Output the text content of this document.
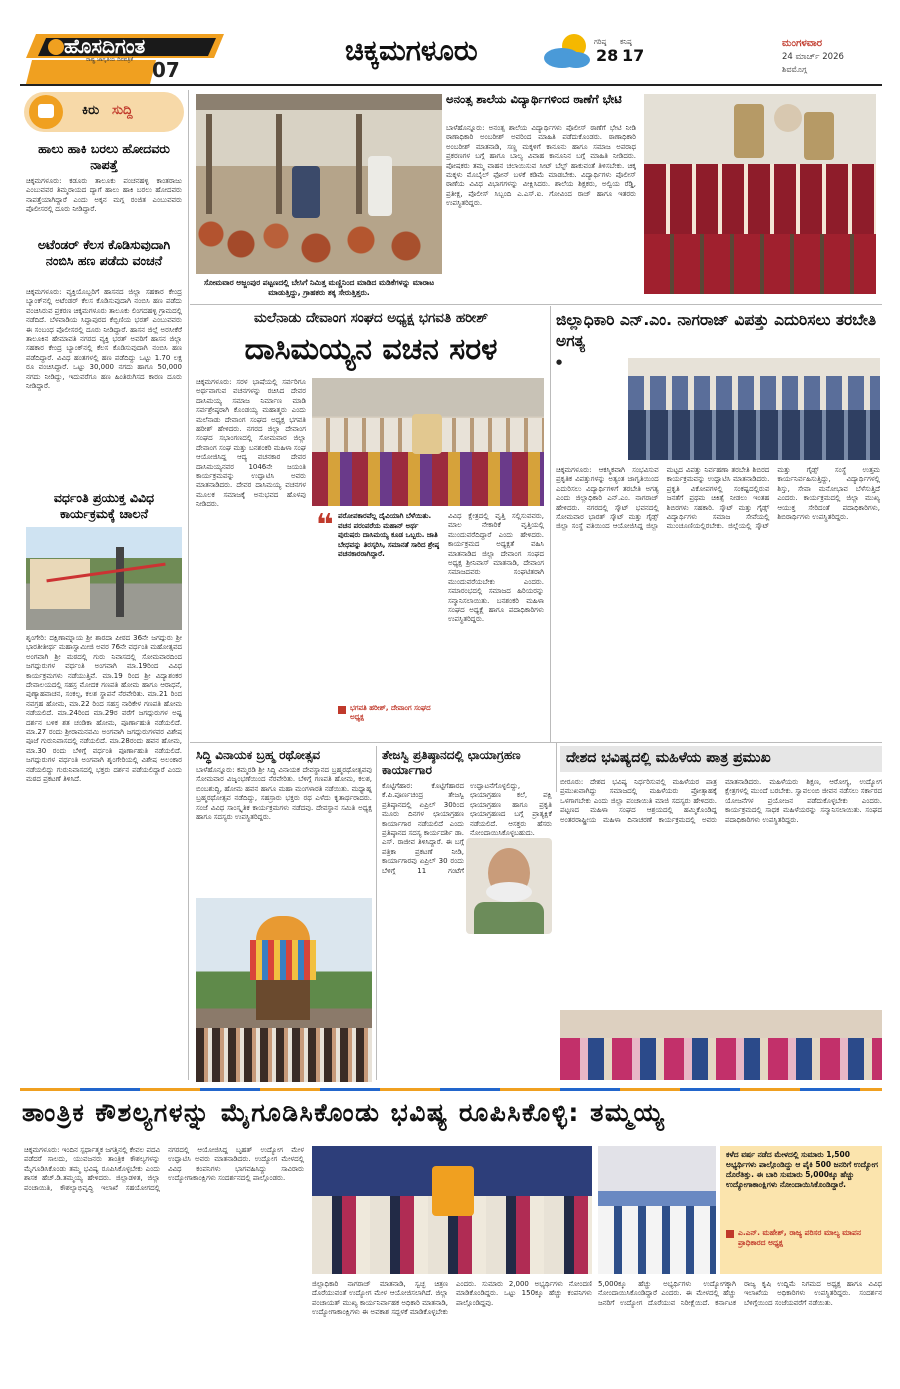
ಹೊಸದಿಗಂತ
ರಾಷ್ಟ್ರ ಜಾಗೃತಿಯ ದಿನಪತ್ರಿಕೆ 07
ಚಿಕ್ಕಮಗಳೂರು	ಗರಿಷ್ಠ
28
ಕನಿಷ್ಠ
17
ಮಂಗಳವಾರ
24 ಮಾರ್ಚ್ 2026
ಶಿವಮೊಗ್ಗ
ಕಿರು ಸುದ್ದಿ
ಹಾಲು ಹಾಕಿ ಬರಲು ಹೋದವರು ನಾಪತ್ತೆ
ಚಿಕ್ಕಮಗಳೂರು: ಕಡೂರು ತಾಲೂಕು ಪಂಚನಹಳ್ಳಿ ಕಾಂತರಾಜು ಎಂಬುವವರ ತಿಮ್ಮರಾಯದ ದ್ಯಾಗೆ ಹಾಲು ಹಾಕಿ ಬರಲು ಹೋದವರು ನಾಪತ್ತೆಯಾಗಿದ್ದಾರೆ ಎಂದು ಅಕ್ಕನ ಮಗ್ಗ ರಂಜಿತ ಎಂಬುವವರು ಪೊಲೀಸರಲ್ಲಿ ದೂರು ನೀಡಿದ್ದಾರೆ.
ಅಟೆಂಡರ್ ಕೆಲಸ ಕೊಡಿಸುವುದಾಗಿ ನಂಬಿಸಿ ಹಣ ಪಡೆದು ವಂಚನೆ
ಚಿಕ್ಕಮಗಳೂರು: ವ್ಯಕ್ತಿಯೊಬ್ಬರಿಗೆ ಹಾಸನದ ಜಿಲ್ಲಾ ಸಹಕಾರ ಕೇಂದ್ರ ಬ್ಯಾಂಕ್‌ನಲ್ಲಿ ಅಟೆಂಡರ್ ಕೆಲಸ ಕೊಡಿಸುವುದಾಗಿ ನಂಬಿಸಿ ಹಣ ಪಡೆದು ವಂಚಿಸಿರುವ ಪ್ರಕರಣ ಚಿಕ್ಕಮಗಳೂರು ತಾಲೂಕು ಲಿಂಗದಹಳ್ಳಿ ಗ್ರಾಮದಲ್ಲಿ ನಡೆದಿದೆ. ಬೆಳವಾಡಿಯ ಸಿದ್ಧಾಪುರದ ಕೆಬ್ಬಿಣಿಯ ಭರತ್ ಎಂಬುವವರು ಈ ಸಂಬಂಧ ಪೊಲೀಸರಲ್ಲಿ ದೂರು ನೀಡಿದ್ದಾರೆ. ಹಾಸನ ಜಿಲ್ಲೆ ಅರಸೀಕೆರೆ ತಾಲೂಕಿನ ಹೇಮಾವತಿ ನಗರದ ವ್ಯಕ್ತಿ ಭರತ್ ಅವರಿಗೆ ಹಾಸನ ಜಿಲ್ಲಾ ಸಹಕಾರ ಕೇಂದ್ರ ಬ್ಯಾಂಕ್‌ನಲ್ಲಿ ಕೆಲಸ ಕೊಡಿಸುವುದಾಗಿ ನಂಬಿಸಿ ಹಣ ಪಡೆದಿದ್ದಾರೆ. ವಿವಿಧ ಹಂತಗಳಲ್ಲಿ ಹಣ ಪಡೆದಿದ್ದು ಒಟ್ಟು 1.70 ಲಕ್ಷ ರೂ ವಂಚಿಸಿದ್ದಾರೆ. ಒಟ್ಟು 30,000 ನಗದು ಹಾಗೂ 50,000 ನಗದು ನೀಡಿದ್ದು, ಇದುವರೆಗೂ ಹಣ ಹಿಂತಿರುಗಿಸದ ಕಾರಣ ದೂರು ನೀಡಿದ್ದಾರೆ.
ವರ್ಧಂತಿ ಪ್ರಯುಕ್ತ ವಿವಿಧ ಕಾರ್ಯಕ್ರಮಕ್ಕೆ ಚಾಲನೆ
ಶೃಂಗೇರಿ: ದಕ್ಷಿಣಾಮ್ನಾಯ ಶ್ರೀ ಶಾರದಾ ಪೀಠದ 36ನೇ ಜಗದ್ಗುರು ಶ್ರೀ ಭಾರತೀತೀರ್ಥ ಮಹಾಸ್ವಾಮೀಜಿ ಅವರ 76ನೇ ವರ್ಧಂತಿ ಮಹೋತ್ಸವದ ಅಂಗವಾಗಿ ಶ್ರೀ ಮಠದಲ್ಲಿ ಗುರು ನಿವಾಸದಲ್ಲಿ ಸೋಮವಾರದಿಂದ ಜಗದ್ಗುರುಗಳ ವರ್ಧಂತಿ ಅಂಗವಾಗಿ ಮಾ.19ರಿಂದ ವಿವಿಧ ಕಾರ್ಯಕ್ರಮಗಳು ನಡೆಯುತ್ತಿವೆ. ಮಾ.19 ರಿಂದ ಶ್ರೀ ವಿದ್ಯಾಶಂಕರ ದೇವಾಲಯದಲ್ಲಿ ಸಹಸ್ರ ಮೋದಕ ಗಣಪತಿ ಹೋಮ ಹಾಗೂ ಆರಾಧನೆ, ಪುಣ್ಯಾಹವಾಚನ, ಸಂಕಲ್ಪ, ಕಲಶ ಸ್ಥಾಪನೆ ನೆರವೇರಿತು. ಮಾ.21 ರಿಂದ ನವಗ್ರಹ ಹೋಮ, ಮಾ.22 ರಿಂದ ಸಹಸ್ರ ನಾರಿಕೇಳ ಗಣಪತಿ ಹೋಮ ನಡೆಯಲಿದೆ. ಮಾ.24ರಿಂದ ಮಾ.29ರ ವರೆಗೆ ಜಗದ್ಗುರುಗಳ ಅಷ್ಟ ದರ್ಶನ ಬಳಿಕ ಶತ ಚಂಡಿಕಾ ಹೋಮ, ಪೂರ್ಣಾಹುತಿ ನಡೆಯಲಿದೆ. ಮಾ.27 ರಂದು ಶ್ರೀರಾಮನವಮಿ ಅಂಗವಾಗಿ ಜಗದ್ಗುರುಗಳವರ ವಿಶೇಷ ಪೂಜೆ ಗುರುನಿವಾಸದಲ್ಲಿ ನಡೆಯಲಿದೆ. ಮಾ.28ರಂದು ಹವನ ಹೋಮ, ಮಾ.30 ರಂದು ಬೆಳಿಗ್ಗೆ ವರ್ಧಂತಿ ಪೂರ್ಣಾಹುತಿ ನಡೆಯಲಿದೆ. ಜಗದ್ಗುರುಗಳ ವರ್ಧಂತಿ ಅಂಗವಾಗಿ ಶೃಂಗೇರಿಯಲ್ಲಿ ವಿಶೇಷ ಅಲಂಕಾರ ನಡೆಯಲಿದ್ದು ಗುರುನಿವಾಸದಲ್ಲಿ ಭಕ್ತರು ದರ್ಶನ ಪಡೆಯಲಿದ್ದಾರೆ ಎಂದು ಮಠದ ಪ್ರಕಟಣೆ ತಿಳಿಸಿದೆ.
ಸೋಮವಾರ ಅಜ್ಜಂಪುರ ಪಟ್ಟಣದಲ್ಲಿ ಬೇಸಿಗೆ ನಿಮಿತ್ತ ಮಣ್ಣಿನಿಂದ ಮಾಡಿದ ಮಡಿಕೆಗಳನ್ನು ಮಾರಾಟ ಮಾಡುತ್ತಿದ್ದು, ಗ್ರಾಹಕರು ತಕ್ಕ ಸೇರುತ್ತಿತ್ತರು.
ಅನಂತ್ಸ ಶಾಲೆಯ ವಿದ್ಯಾರ್ಥಿಗಳಿಂದ ಠಾಣೆಗೆ ಭೇಟಿ
ಬಾಳೆಹೊನ್ನೂರು: ಅನಂತ್ಸ ಶಾಲೆಯ ವಿದ್ಯಾರ್ಥಿಗಳು ಪೊಲೀಸ್ ಠಾಣೆಗೆ ಭೇಟಿ ನೀಡಿ ಠಾಣಾಧಿಕಾರಿ ಅಂಬರೀಶ್ ಅವರಿಂದ ಮಾಹಿತಿ ಪಡೆದುಕೊಂಡರು. ಠಾಣಾಧಿಕಾರಿ ಅಂಬರೀಶ್ ಮಾತನಾಡಿ, ಸಣ್ಣ ಮಕ್ಕಳಿಗೆ ಕಾನೂನು ಹಾಗೂ ಸಮಾಜ ಅಪರಾಧ ಪ್ರಕರಣಗಳ ಬಗ್ಗೆ ಹಾಗೂ ಬಾಲ್ಯ ವಿವಾಹ ಕಾನೂನಿನ ಬಗ್ಗೆ ಮಾಹಿತಿ ನೀಡಿದರು. ಪೋಷಕರು ತಮ್ಮ ವಾಹನ ಚಲಾಯಿಸುವ ಸೀಟ್ ಬೆಲ್ಟ್ ಹಾಕುವಂತೆ ತಿಳಿಸಬೇಕು. ಚಿಕ್ಕ ಮಕ್ಕಳು ಮೊಬೈಲ್ ಫೋನ್ ಬಳಕೆ ಕಡಿಮೆ ಮಾಡಬೇಕು. ವಿದ್ಯಾರ್ಥಿಗಳು ಪೊಲೀಸ್ ಠಾಣೆಯ ವಿವಿಧ ವಿಭಾಗಗಳನ್ನು ವೀಕ್ಷಿಸಿದರು. ಶಾಲೆಯ ಶಿಕ್ಷಕರು, ಅಲ್ವಿಯ ರೆಡ್ಡಿ, ಪ್ರತೀಕ್ಷ, ಪೊಲೀಸ್ ಸಿಬ್ಬಂದಿ ಎ.ಎಸ್.ಐ. ಗೋವಿಂದ ರಾಜ್ ಹಾಗೂ ಇತರರು ಉಪಸ್ಥಿತರಿದ್ದರು.
ಮಲೆನಾಡು ದೇವಾಂಗ ಸಂಘದ ಅಧ್ಯಕ್ಷ ಭಗವತಿ ಹರೀಶ್
ದಾಸಿಮಯ್ಯನ ವಚನ ಸರಳ
ಚಿಕ್ಕಮಗಳೂರು: ಸರಳ ಭಾಷೆಯಲ್ಲಿ ಸರ್ವರಿಗೂ ಅರ್ಥವಾಗುವ ವಚನಗಳನ್ನು ರಚಿಸಿದ ದೇವರ ದಾಸಿಮಯ್ಯ ಸಮಾಜ ನಿರ್ಮಾಣ ಮಾಡಿ ಸರ್ವಶ್ರೇಷ್ಠರಾಗಿ ಕೊಂಡಯ್ಯ ಮಹಾತ್ಮರು ಎಂದು ಮಲೆನಾಡು ದೇವಾಂಗ ಸಂಘದ ಅಧ್ಯಕ್ಷ ಭಗವತಿ ಹರೀಶ್ ಹೇಳಿದರು. ನಗರದ ಜಿಲ್ಲಾ ದೇವಾಂಗ ಸಂಘದ ಸಭಾಂಗಣದಲ್ಲಿ ಸೋಮವಾರ ಜಿಲ್ಲಾ ದೇವಾಂಗ ಸಂಘ ಮತ್ತು ಬನಶಂಕರಿ ಮಹಿಳಾ ಸಂಘ ಆಯೋಜಿಸಿದ್ದ ಆದ್ಯ ವಚನಕಾರ ದೇವರ ದಾಸಿಮಯ್ಯನವರ 1046ನೇ ಜಯಂತಿ ಕಾರ್ಯಕ್ರಮವನ್ನು ಉದ್ಘಾಟಿಸಿ ಅವರು ಮಾತನಾಡಿದರು. ದೇವರ ದಾಸಿಮಯ್ಯ ವಚನಗಳ ಮೂಲಕ ಸಮಾಜಕ್ಕೆ ಅನುಭವದ ಹೊಳಪು ನೀಡಿದರು.
❝ ಪರೋಪಕಾರವೆಲ್ಲ ದೈವಿಯಾಗಿ ಬೆಳೆಯಿತು. ವಚನ ಪರಂಪರೆಯ ಮಹಾನ್ ಅರ್ಥ ಪುರುಷರು ದಾಸಿಮಯ್ಯ ಕೂಡ ಒಬ್ಬರು. ಜಾತಿ ಬೇಧವನ್ನು ತಿರಸ್ಕರಿಸಿ, ಸಮಾನತೆ ಸಾರಿದ ಶ್ರೇಷ್ಠ ವಚನಕಾರರಾಗಿದ್ದಾರೆ.
ಭಗವತಿ ಹರೀಶ್, ದೇವಾಂಗ ಸಂಘದ ಅಧ್ಯಕ್ಷ
ವಿವಿಧ ಕ್ಷೇತ್ರದಲ್ಲಿ ವೃತ್ತಿ ಸಲ್ಲಿಸುವವರು, ಮಾಲ ನೇಕಾರಿಕೆ ವೃತ್ತಿಯಲ್ಲಿ ಮುಂದುವರೆದಿದ್ದಾರೆ ಎಂದು ಹೇಳಿದರು. ಕಾರ್ಯಕ್ರಮದ ಅಧ್ಯಕ್ಷತೆ ವಹಿಸಿ ಮಾತನಾಡಿದ ಜಿಲ್ಲಾ ದೇವಾಂಗ ಸಂಘದ ಅಧ್ಯಕ್ಷ ಶ್ರೀನಿವಾಸ್ ಮಾತನಾಡಿ, ದೇವಾಂಗ ಸಮಾಜದವರು ಸಂಘಟಿತರಾಗಿ ಮುಂದುವರೆಯಬೇಕು ಎಂದರು. ಸಮಾರಂಭದಲ್ಲಿ ಸಮಾಜದ ಹಿರಿಯರನ್ನು ಸನ್ಮಾನಿಸಲಾಯಿತು. ಬನಶಂಕರಿ ಮಹಿಳಾ ಸಂಘದ ಅಧ್ಯಕ್ಷೆ ಹಾಗೂ ಪದಾಧಿಕಾರಿಗಳು ಉಪಸ್ಥಿತರಿದ್ದರು.
ಜಿಲ್ಲಾಧಿಕಾರಿ ಎನ್.ಎಂ. ನಾಗರಾಜ್ ವಿಪತ್ತು ಎದುರಿಸಲು ತರಬೇತಿ ಅಗತ್ಯ
●
ಚಿಕ್ಕಮಗಳೂರು: ಆಕಸ್ಮಿಕವಾಗಿ ಸಂಭವಿಸುವ ಪ್ರಕೃತಿಕ ವಿಪತ್ತುಗಳನ್ನು ಅತ್ಯಂತ ಜಾಗೃತಿಯಿಂದ ಎದುರಿಸಲು ವಿದ್ಯಾರ್ಥಿಗಳಿಗೆ ತರಬೇತಿ ಅಗತ್ಯ ಎಂದು ಜಿಲ್ಲಾಧಿಕಾರಿ ಎನ್.ಎಂ. ನಾಗರಾಜ್ ಹೇಳಿದರು. ನಗರದಲ್ಲಿ ಸ್ಕೌಟ್ ಭವನದಲ್ಲಿ ಸೋಮವಾರ ಭಾರತ್ ಸ್ಕೌಟ್ ಮತ್ತು ಗೈಡ್ಸ್ ಜಿಲ್ಲಾ ಸಂಸ್ಥೆ ವತಿಯಿಂದ ಆಯೋಜಿಸಿದ್ದ ಜಿಲ್ಲಾ ಮಟ್ಟದ ವಿಪತ್ತು ನಿರ್ವಹಣಾ ತರಬೇತಿ ಶಿಬಿರದ ಕಾರ್ಯಕ್ರಮವನ್ನು ಉದ್ಘಾಟಿಸಿ ಮಾತನಾಡಿದರು. ಪ್ರಕೃತಿ ವಿಕೋಪಗಳಲ್ಲಿ ಸಂಕಷ್ಟದಲ್ಲಿರುವ ಜನತೆಗೆ ಪ್ರಥಮ ಚಿಕಿತ್ಸೆ ನೀಡಲು ಇಂತಹ ಶಿಬಿರಗಳು ಸಹಕಾರಿ. ಸ್ಕೌಟ್ ಮತ್ತು ಗೈಡ್ಸ್ ವಿದ್ಯಾರ್ಥಿಗಳು ಸಮಾಜ ಸೇವೆಯಲ್ಲಿ ಮುಂಚೂಣಿಯಲ್ಲಿರಬೇಕು. ಜಿಲ್ಲೆಯಲ್ಲಿ ಸ್ಕೌಟ್ ಮತ್ತು ಗೈಡ್ಸ್ ಸಂಸ್ಥೆ ಉತ್ತಮ ಕಾರ್ಯನಿರ್ವಹಿಸುತ್ತಿದ್ದು, ವಿದ್ಯಾರ್ಥಿಗಳಲ್ಲಿ ಶಿಸ್ತು, ಸೇವಾ ಮನೋಭಾವ ಬೆಳೆಸುತ್ತಿದೆ ಎಂದರು. ಕಾರ್ಯಕ್ರಮದಲ್ಲಿ ಜಿಲ್ಲಾ ಮುಖ್ಯ ಆಯುಕ್ತ ಸೇರಿದಂತೆ ಪದಾಧಿಕಾರಿಗಳು, ಶಿಬಿರಾರ್ಥಿಗಳು ಉಪಸ್ಥಿತರಿದ್ದರು.
ಸಿದ್ಧಿ ವಿನಾಯಕ ಬ್ರಹ್ಮ ರಥೋತ್ಸವ
ಬಾಳೆಹೊನ್ನೂರು: ಕಮ್ಮರಡಿ ಶ್ರೀ ಸಿದ್ಧಿ ವಿನಾಯಕ ದೇವಸ್ಥಾನದ ಬ್ರಹ್ಮರಥೋತ್ಸವವು ಸೋಮವಾರ ವಿಜೃಂಭಣೆಯಿಂದ ನೆರವೇರಿತು. ಬೆಳಿಗ್ಗೆ ಗಣಪತಿ ಹೋಮ, ಕಲಶ, ಬಿಂಬಶುದ್ಧಿ, ಹೋಮ ಹವನ ಹಾಗೂ ಮಹಾ ಮಂಗಳಾರತಿ ನಡೆಯಿತು. ಮಧ್ಯಾಹ್ನ ಬ್ರಹ್ಮರಥೋತ್ಸವ ನಡೆದಿದ್ದು, ಸಹಸ್ರಾರು ಭಕ್ತರು ರಥ ಎಳೆದು ಕೃತಾರ್ಥರಾದರು. ಸಂಜೆ ವಿವಿಧ ಸಾಂಸ್ಕೃತಿಕ ಕಾರ್ಯಕ್ರಮಗಳು ನಡೆದವು. ದೇವಸ್ಥಾನ ಸಮಿತಿ ಅಧ್ಯಕ್ಷ ಹಾಗೂ ಸದಸ್ಯರು ಉಪಸ್ಥಿತರಿದ್ದರು.
ತೇಜಸ್ವಿ ಪ್ರತಿಷ್ಠಾನದಲ್ಲಿ ಛಾಯಾಗ್ರಹಣ ಕಾರ್ಯಾಗಾರ
ಕೊಟ್ಟಿಗೆಹಾರ: ಕೊಟ್ಟಿಗೆಹಾರದ ಕೆ.ಪಿ.ಪೂರ್ಣಚಂದ್ರ ತೇಜಸ್ವಿ ಪ್ರತಿಷ್ಠಾನದಲ್ಲಿ ಏಪ್ರಿಲ್ 30ರಿಂದ ಮೂರು ದಿನಗಳ ಛಾಯಾಗ್ರಹಣ ಕಾರ್ಯಾಗಾರ ನಡೆಯಲಿದೆ ಎಂದು ಪ್ರತಿಷ್ಠಾನದ ಸದಸ್ಯ ಕಾರ್ಯದರ್ಶಿ ಡಾ. ಎಸ್. ರಾಜೀವ ತಿಳಿಸಿದ್ದಾರೆ. ಈ ಬಗ್ಗೆ ಪತ್ರಿಕಾ ಪ್ರಕಟಣೆ ನೀಡಿ, ಕಾರ್ಯಾಗಾರವು ಏಪ್ರಿಲ್ 30 ರಂದು ಬೆಳಿಗ್ಗೆ 11 ಗಂಟೆಗೆ ಉದ್ಘಾಟನೆಗೊಳ್ಳಲಿದ್ದು, ಛಾಯಾಗ್ರಹಣ ಕಲೆ, ಪಕ್ಷಿ ಛಾಯಾಗ್ರಹಣ ಹಾಗೂ ಪ್ರಕೃತಿ ಛಾಯಾಗ್ರಹಣದ ಬಗ್ಗೆ ಪ್ರಾತ್ಯಕ್ಷಿಕೆ ನಡೆಯಲಿದೆ. ಆಸಕ್ತರು ಹೆಸರು ನೋಂದಾಯಿಸಿಕೊಳ್ಳಬಹುದು.
ದೇಶದ ಭವಿಷ್ಯದಲ್ಲಿ ಮಹಿಳೆಯ ಪಾತ್ರ ಪ್ರಮುಖ
ಬೀರೂರು: ದೇಶದ ಭವಿಷ್ಯ ನಿರ್ಧರಿಸುವಲ್ಲಿ ಮಹಿಳೆಯರ ಪಾತ್ರ ಪ್ರಮುಖವಾಗಿದ್ದು ಸಮಾಜದಲ್ಲಿ ಮಹಿಳೆಯರು ಪ್ರೋತ್ಸಾಹಕ್ಕೆ ಒಳಗಾಗಬೇಕು ಎಂದು ಜಿಲ್ಲಾ ಪಂಚಾಯಿತಿ ಮಾಜಿ ಸದಸ್ಯರು ಹೇಳಿದರು. ಪಟ್ಟಣದ ಮಹಿಳಾ ಸಂಘದ ಆಶ್ರಯದಲ್ಲಿ ಹಮ್ಮಿಕೊಂಡಿದ್ದ ಅಂತರರಾಷ್ಟ್ರೀಯ ಮಹಿಳಾ ದಿನಾಚರಣೆ ಕಾರ್ಯಕ್ರಮದಲ್ಲಿ ಅವರು ಮಾತನಾಡಿದರು. ಮಹಿಳೆಯರು ಶಿಕ್ಷಣ, ಆರೋಗ್ಯ, ಉದ್ಯೋಗ ಕ್ಷೇತ್ರಗಳಲ್ಲಿ ಮುಂದೆ ಬರಬೇಕು. ಸ್ವಾವಲಂಬಿ ಜೀವನ ನಡೆಸಲು ಸರ್ಕಾರದ ಯೋಜನೆಗಳ ಪ್ರಯೋಜನ ಪಡೆದುಕೊಳ್ಳಬೇಕು ಎಂದರು. ಕಾರ್ಯಕ್ರಮದಲ್ಲಿ ಸಾಧಕ ಮಹಿಳೆಯರನ್ನು ಸನ್ಮಾನಿಸಲಾಯಿತು. ಸಂಘದ ಪದಾಧಿಕಾರಿಗಳು ಉಪಸ್ಥಿತರಿದ್ದರು.
ತಾಂತ್ರಿಕ ಕೌಶಲ್ಯಗಳನ್ನು ಮೈಗೂಡಿಸಿಕೊಂಡು ಭವಿಷ್ಯ ರೂಪಿಸಿಕೊಳ್ಳಿ: ತಮ್ಮಯ್ಯ
ಚಿಕ್ಕಮಗಳೂರು: ಇಂದಿನ ಸ್ಪರ್ಧಾತ್ಮಕ ಜಗತ್ತಿನಲ್ಲಿ ಕೇವಲ ಪದವಿ ಪಡೆದರೆ ಸಾಲದು, ಯುವಜನರು ತಾಂತ್ರಿಕ ಕೌಶಲ್ಯಗಳನ್ನು ಮೈಗೂಡಿಸಿಕೊಂಡು ತಮ್ಮ ಭವಿಷ್ಯ ರೂಪಿಸಿಕೊಳ್ಳಬೇಕು ಎಂದು ಶಾಸಕ ಹೆಚ್.ಡಿ.ತಮ್ಮಯ್ಯ ಹೇಳಿದರು. ಜಿಲ್ಲಾಡಳಿತ, ಜಿಲ್ಲಾ ಪಂಚಾಯಿತಿ, ಕೌಶಲ್ಯಾಭಿವೃದ್ಧಿ ಇಲಾಖೆ ಸಹಯೋಗದಲ್ಲಿ ನಗರದಲ್ಲಿ ಆಯೋಜಿಸಿದ್ದ ಬೃಹತ್ ಉದ್ಯೋಗ ಮೇಳ ಉದ್ಘಾಟಿಸಿ ಅವರು ಮಾತನಾಡಿದರು. ಉದ್ಯೋಗ ಮೇಳದಲ್ಲಿ ವಿವಿಧ ಕಂಪನಿಗಳು ಭಾಗವಹಿಸಿದ್ದು ಸಾವಿರಾರು ಉದ್ಯೋಗಾಕಾಂಕ್ಷಿಗಳು ಸಂದರ್ಶನದಲ್ಲಿ ಪಾಲ್ಗೊಂಡರು.
ಜಿಲ್ಲಾಧಿಕಾರಿ ನಾಗರಾಜ್ ಮಾತನಾಡಿ, ಸ್ವಚ್ಛ ಚಿತ್ರಣ ದೊರೆಯುವಂತೆ ಉದ್ಯೋಗ ಮೇಳ ಆಯೋಜಿಸಲಾಗಿದೆ. ಜಿಲ್ಲಾ ಪಂಚಾಯತ್ ಮುಖ್ಯ ಕಾರ್ಯನಿರ್ವಾಹಕ ಅಧಿಕಾರಿ ಮಾತನಾಡಿ, ಉದ್ಯೋಗಾಕಾಂಕ್ಷಿಗಳು ಈ ಅವಕಾಶ ಸದ್ಬಳಕೆ ಮಾಡಿಕೊಳ್ಳಬೇಕು ಎಂದರು. ಸುಮಾರು 2,000 ಅಭ್ಯರ್ಥಿಗಳು ನೋಂದಣಿ ಮಾಡಿಕೊಂಡಿದ್ದರು. ಒಟ್ಟು 150ಕ್ಕೂ ಹೆಚ್ಚು ಕಂಪನಿಗಳು ಪಾಲ್ಗೊಂಡಿದ್ದವು.
ಕಳೆದ ವರ್ಷ ನಡೆದ ಮೇಳದಲ್ಲಿ ಸುಮಾರು 1,500 ಅಭ್ಯರ್ಥಿಗಳು ಪಾಲ್ಗೊಂಡಿದ್ದು ಆ ಪೈಕಿ 500 ಜನರಿಗೆ ಉದ್ಯೋಗ ದೊರೆತಿತ್ತು. ಈ ಬಾರಿ ಸುಮಾರು 5,000ಕ್ಕೂ ಹೆಚ್ಚು ಉದ್ಯೋಗಾಕಾಂಕ್ಷಿಗಳು ನೋಂದಾಯಿಸಿಕೊಂಡಿದ್ದಾರೆ.
ಎ.ಎನ್. ಮಹೇಶ್, ರಾಜ್ಯ ಪರಿಸರ ಮಾಲ್ಯ ಮಾಪನ ಪ್ರಾಧಿಕಾರದ ಅಧ್ಯಕ್ಷ
5,000ಕ್ಕೂ ಹೆಚ್ಚು ಅಭ್ಯರ್ಥಿಗಳು ಉದ್ಯೋಗಕ್ಕಾಗಿ ನೋಂದಾಯಿಸಿಕೊಂಡಿದ್ದಾರೆ ಎಂದರು. ಈ ಮೇಳದಲ್ಲಿ ಹೆಚ್ಚು ಜನರಿಗೆ ಉದ್ಯೋಗ ದೊರೆಯುವ ನಿರೀಕ್ಷೆಯಿದೆ. ಕರ್ನಾಟಕ ರಾಜ್ಯ ಕೃಷಿ ಉದ್ದಿಮೆ ನಿಗಮದ ಅಧ್ಯಕ್ಷ ಹಾಗೂ ವಿವಿಧ ಇಲಾಖೆಯ ಅಧಿಕಾರಿಗಳು ಉಪಸ್ಥಿತರಿದ್ದರು. ಸಂದರ್ಶನ ಬೆಳಿಗ್ಗೆಯಿಂದ ಸಂಜೆಯವರೆಗೆ ನಡೆಯಿತು.
